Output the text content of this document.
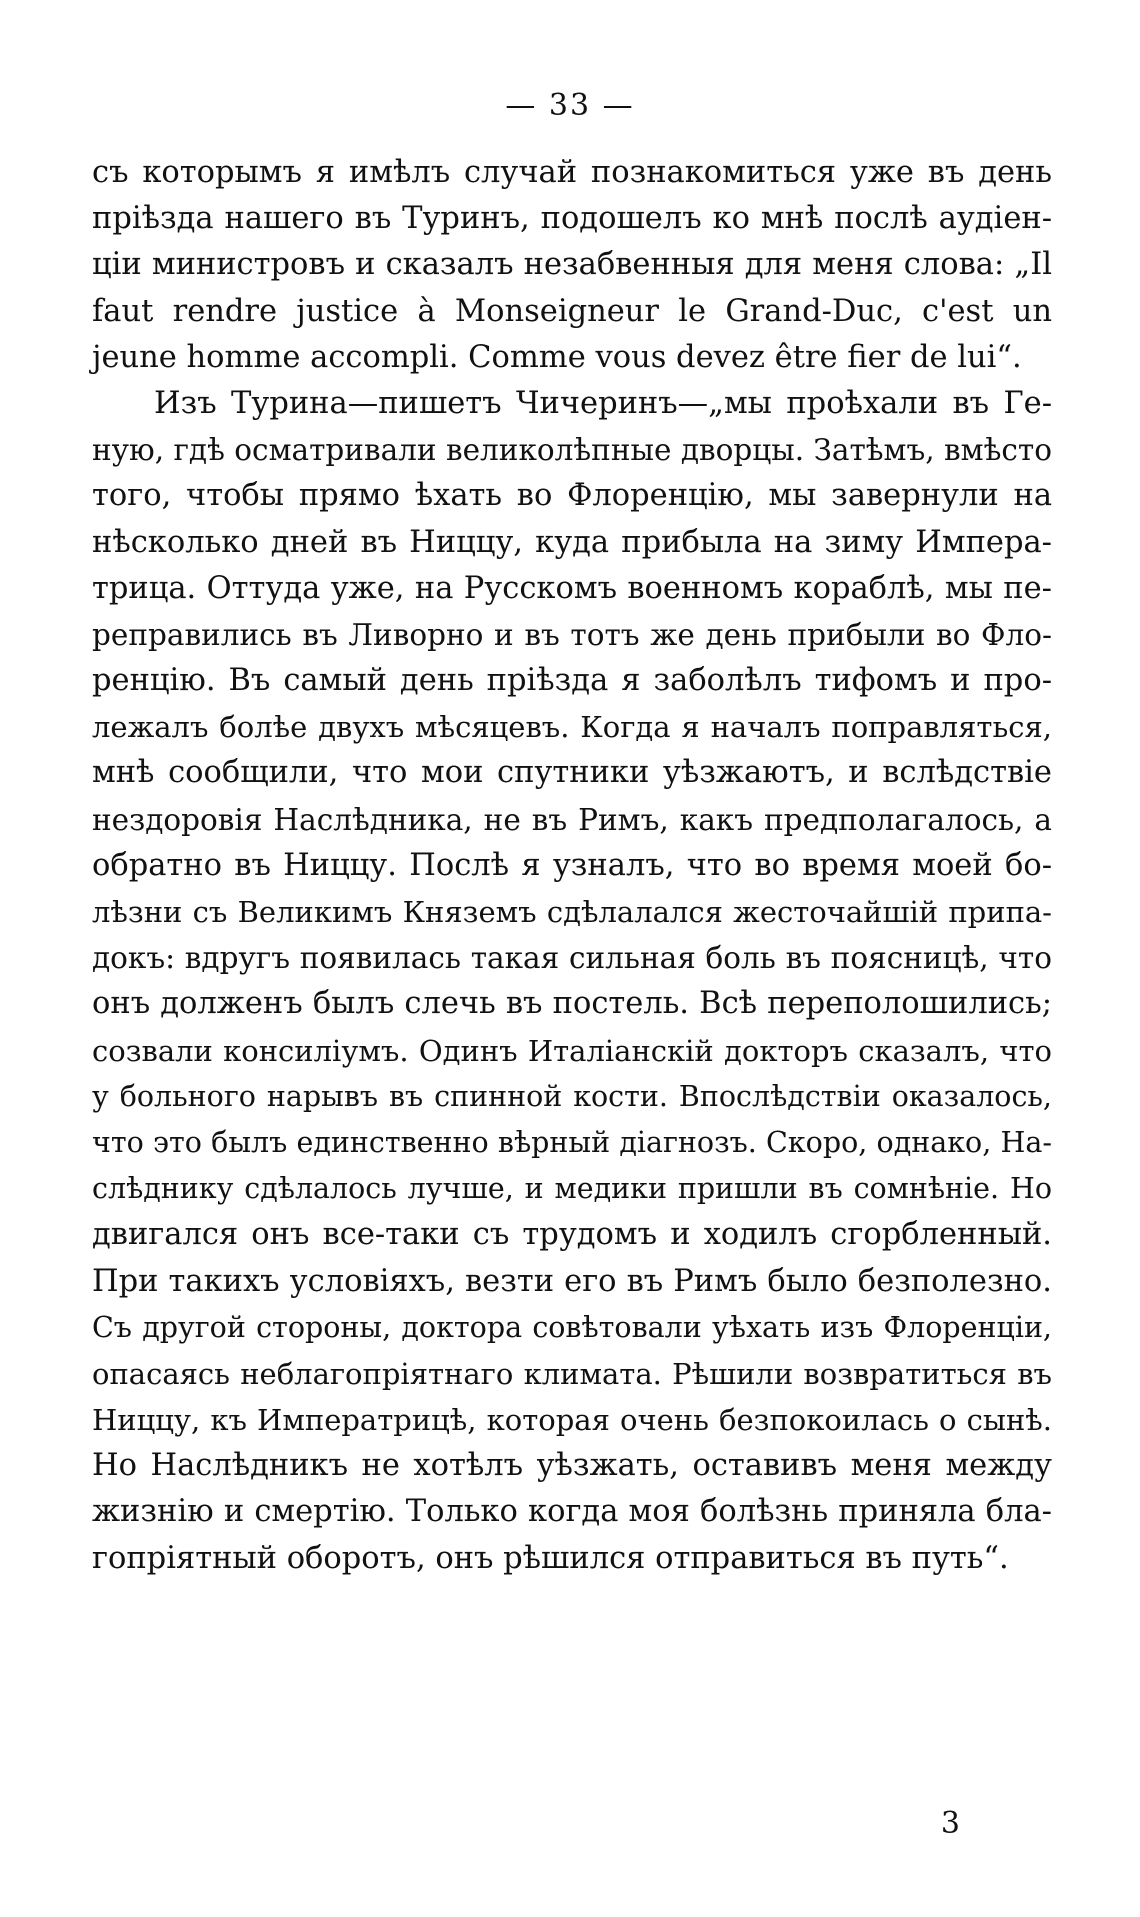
— 33 —
съ которымъ я имѣлъ случай познакомиться уже въ день
пріѣзда нашего въ Туринъ, подошелъ ко мнѣ послѣ аудіен-
ціи министровъ и сказалъ незабвенныя для меня слова: „Il
faut rendre justice à Monseigneur le Grand-Duc, c'est un
jeune homme accompli. Comme vous devez être fier de lui“.
Изъ Турина—пишетъ Чичеринъ—„мы проѣхали въ Ге-
ную, гдѣ осматривали великолѣпные дворцы. Затѣмъ, вмѣсто
того, чтобы прямо ѣхать во Флоренцію, мы завернули на
нѣсколько дней въ Ниццу, куда прибыла на зиму Импера-
трица. Оттуда уже, на Русскомъ военномъ кораблѣ, мы пе-
реправились въ Ливорно и въ тотъ же день прибыли во Фло-
ренцію. Въ самый день пріѣзда я заболѣлъ тифомъ и про-
лежалъ болѣе двухъ мѣсяцевъ. Когда я началъ поправляться,
мнѣ сообщили, что мои спутники уѣзжаютъ, и вслѣдствіе
нездоровія Наслѣдника, не въ Римъ, какъ предполагалось, а
обратно въ Ниццу. Послѣ я узналъ, что во время моей бо-
лѣзни съ Великимъ Княземъ сдѣлалался жесточайшій припа-
докъ: вдругъ появилась такая сильная боль въ поясницѣ, что
онъ долженъ былъ слечь въ постель. Всѣ переполошились;
созвали консиліумъ. Одинъ Италіанскій докторъ сказалъ, что
у больного нарывъ въ спинной кости. Впослѣдствіи оказалось,
что это былъ единственно вѣрный діагнозъ. Скоро, однако, На-
слѣднику сдѣлалось лучше, и медики пришли въ сомнѣніе. Но
двигался онъ все-таки съ трудомъ и ходилъ сгорбленный.
При такихъ условіяхъ, везти его въ Римъ было безполезно.
Съ другой стороны, доктора совѣтовали уѣхать изъ Флоренціи,
опасаясь неблагопріятнаго климата. Рѣшили возвратиться въ
Ниццу, къ Императрицѣ, которая очень безпокоилась о сынѣ.
Но Наслѣдникъ не хотѣлъ уѣзжать, оставивъ меня между
жизнію и смертію. Только когда моя болѣзнь приняла бла-
гопріятный оборотъ, онъ рѣшился отправиться въ путь“.
3
